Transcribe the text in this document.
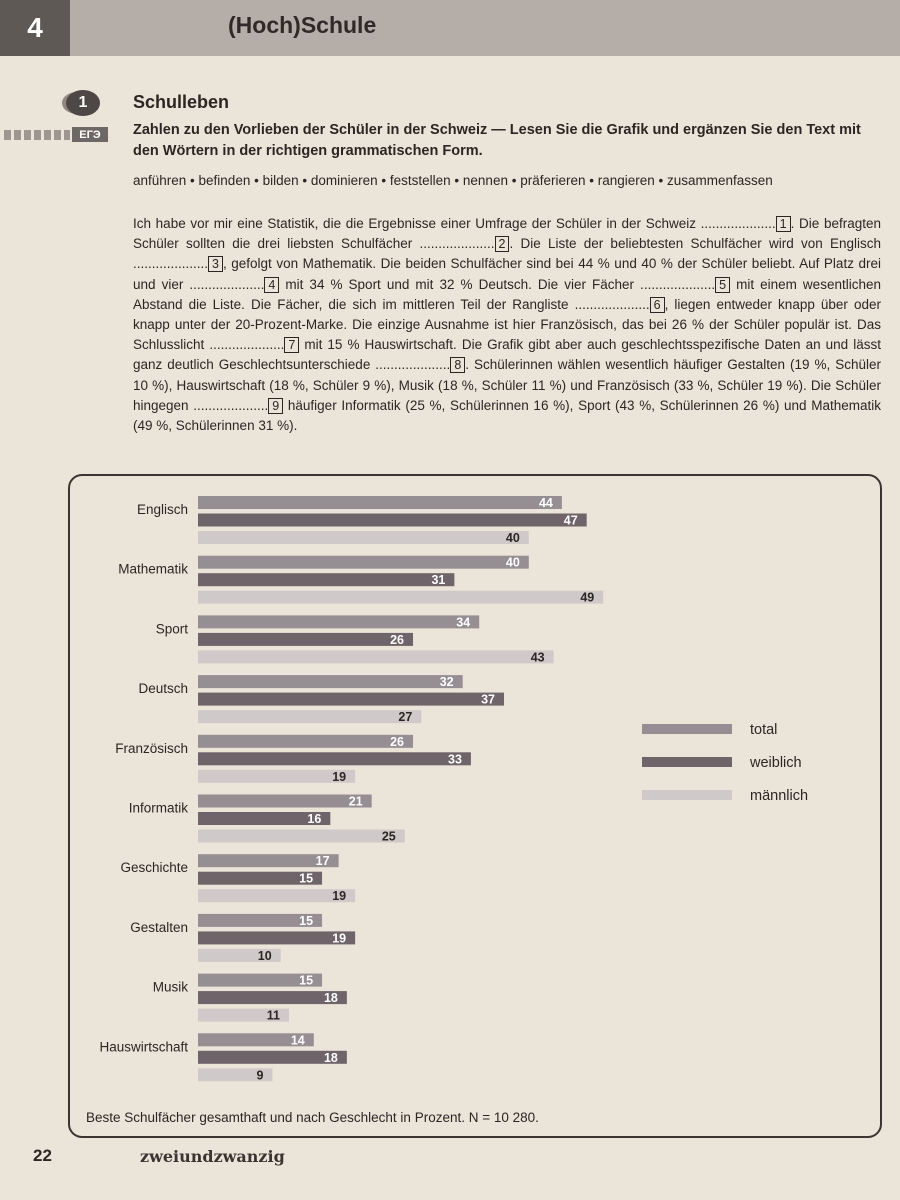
4	(Hoch)Schule
1
ЕГЭ
Schulleben
Zahlen zu den Vorlieben der Schüler in der Schweiz — Lesen Sie die Grafik und ergänzen Sie den Text mit den Wörtern in der richtigen grammatischen Form.
anführen • befinden • bilden • dominieren • feststellen • nennen • präferieren • rangieren • zusammenfassen
Ich habe vor mir eine Statistik, die die Ergebnisse einer Umfrage der Schüler in der Schweiz .................... 1 . Die befragten Schüler sollten die drei liebsten Schulfächer .................... 2 . Die Liste der beliebtesten Schulfächer wird von Englisch .................... 3 , gefolgt von Mathematik. Die beiden Schulfächer sind bei 44 % und 40 % der Schüler beliebt. Auf Platz drei und vier .................... 4 mit 34 % Sport und mit 32 % Deutsch. Die vier Fächer .................... 5 mit einem wesentlichen Abstand die Liste. Die Fächer, die sich im mittleren Teil der Rangliste .................... 6 , liegen entweder knapp über oder knapp unter der 20-Prozent-Marke. Die einzige Ausnahme ist hier Französisch, das bei 26 % der Schüler populär ist. Das Schlusslicht .................... 7 mit 15 % Hauswirtschaft. Die Grafik gibt aber auch geschlechtsspezifische Daten an und lässt ganz deutlich Geschlechtsunterschiede .................... 8 . Schülerinnen wählen wesentlich häufiger Gestalten (19 %, Schüler 10 %), Hauswirtschaft (18 %, Schüler 9 %), Musik (18 %, Schüler 11 %) und Französisch (33 %, Schüler 19 %). Die Schüler hingegen .................... 9 häufiger Informatik (25 %, Schülerinnen 16 %), Sport (43 %, Schülerinnen 26 %) und Mathematik (49 %, Schülerinnen 31 %).
Englisch	44
47
40
Mathematik	40
31
49
Sport	34
26
43
Deutsch	32
37
27
Französisch	26
33
19
Informatik	21
16
25
Geschichte	17
15
19
Gestalten	15
19
10
Musik	15
18
11
Hauswirtschaft	14
18
9
total
weiblich
männlich
Beste Schulfächer gesamthaft und nach Geschlecht in Prozent. N = 10 280.
22	zweiundzwanzig
